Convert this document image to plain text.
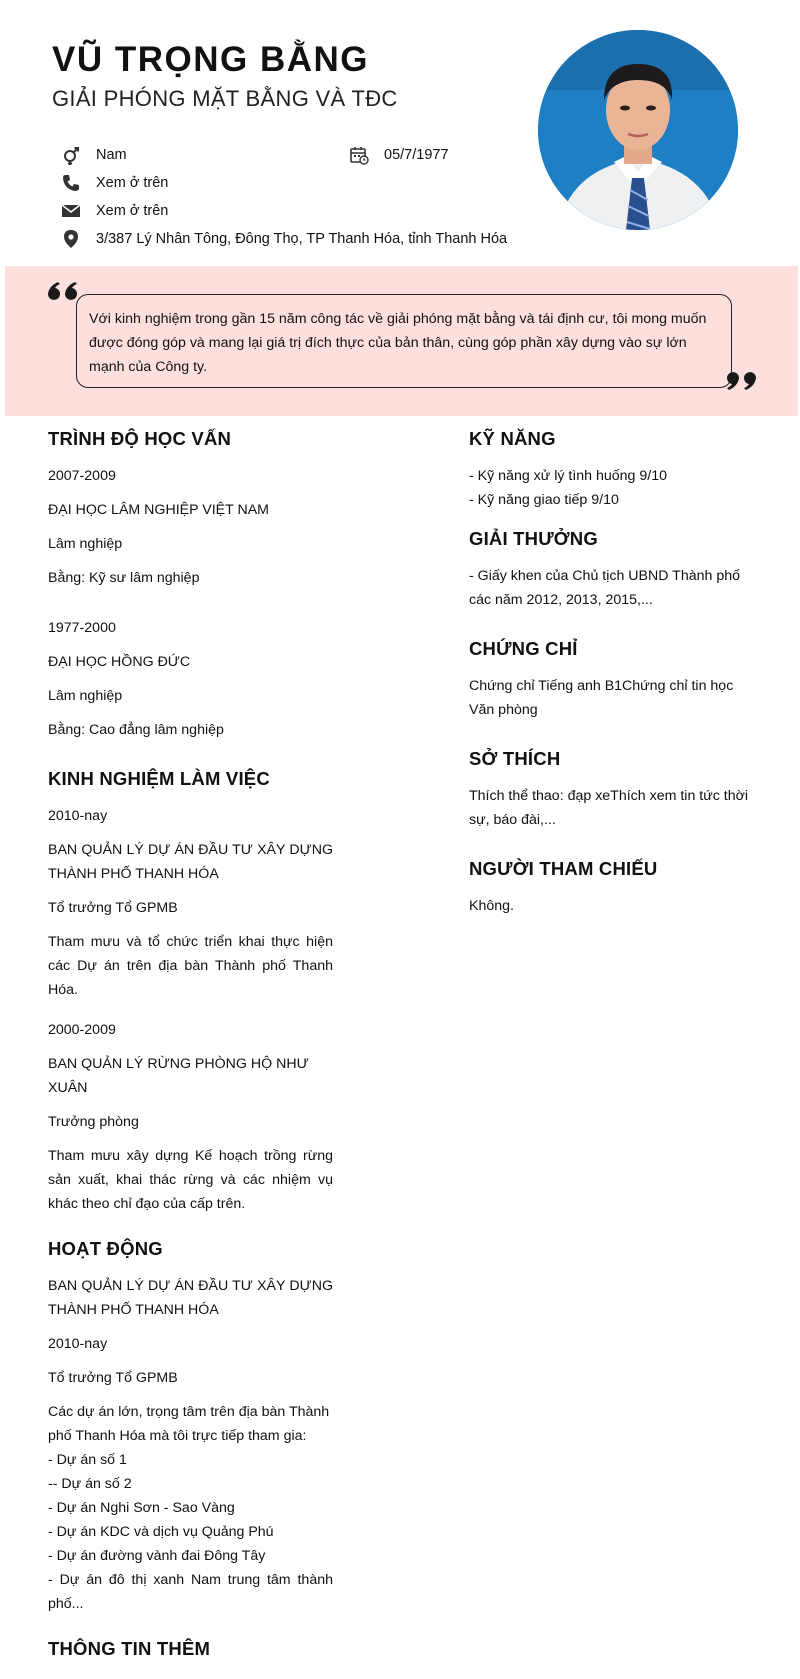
VŨ TRỌNG BẰNG
GIẢI PHÓNG MẶT BẰNG VÀ TĐC
Nam	05/7/1977
Xem ở trên
Xem ở trên
3/387 Lý Nhân Tông, Đông Thọ, TP Thanh Hóa, tỉnh Thanh Hóa
Với kinh nghiệm trong gần 15 năm công tác về giải phóng mặt bằng và tái định cư, tôi mong muốn được đóng góp và mang lại giá trị đích thực của bản thân, cùng góp phần xây dựng vào sự lớn mạnh của Công ty.
TRÌNH ĐỘ HỌC VẤN
2007-2009
ĐẠI HỌC LÂM NGHIỆP VIỆT NAM
Lâm nghiệp
Bằng: Kỹ sư lâm nghiệp
1977-2000
ĐẠI HỌC HỒNG ĐỨC
Lâm nghiệp
Bằng: Cao đẳng lâm nghiệp
KINH NGHIỆM LÀM VIỆC
2010-nay
BAN QUẢN LÝ DỰ ÁN ĐẦU TƯ XÂY DỰNG THÀNH PHỐ THANH HÓA
Tổ trưởng Tổ GPMB
Tham mưu và tổ chức triển khai thực hiện các Dự án trên địa bàn Thành phố Thanh Hóa.
2000-2009
BAN QUẢN LÝ RỪNG PHÒNG HỘ NHƯ XUÂN
Trưởng phòng
Tham mưu xây dựng Kế hoạch trồng rừng sản xuất, khai thác rừng và các nhiệm vụ khác theo chỉ đạo của cấp trên.
HOẠT ĐỘNG
BAN QUẢN LÝ DỰ ÁN ĐẦU TƯ XÂY DỰNG THÀNH PHỐ THANH HÓA
2010-nay
Tổ trưởng Tổ GPMB
Các dự án lớn, trọng tâm trên địa bàn Thành phố Thanh Hóa mà tôi trực tiếp tham gia:
- Dự án số 1
-- Dự án số 2
- Dự án Nghi Sơn - Sao Vàng
- Dự án KDC và dịch vụ Quảng Phú
- Dự án đường vành đai Đông Tây
- Dự án đô thị xanh Nam trung tâm thành phố...
THÔNG TIN THÊM
KỸ NĂNG
- Kỹ năng xử lý tình huống 9/10
- Kỹ năng giao tiếp 9/10
GIẢI THƯỞNG
- Giấy khen của Chủ tịch UBND Thành phố các năm 2012, 2013, 2015,...
CHỨNG CHỈ
Chứng chỉ Tiếng anh B1Chứng chỉ tin học Văn phòng
SỞ THÍCH
Thích thể thao: đạp xeThích xem tin tức thời sự, báo đài,...
NGƯỜI THAM CHIẾU
Không.
